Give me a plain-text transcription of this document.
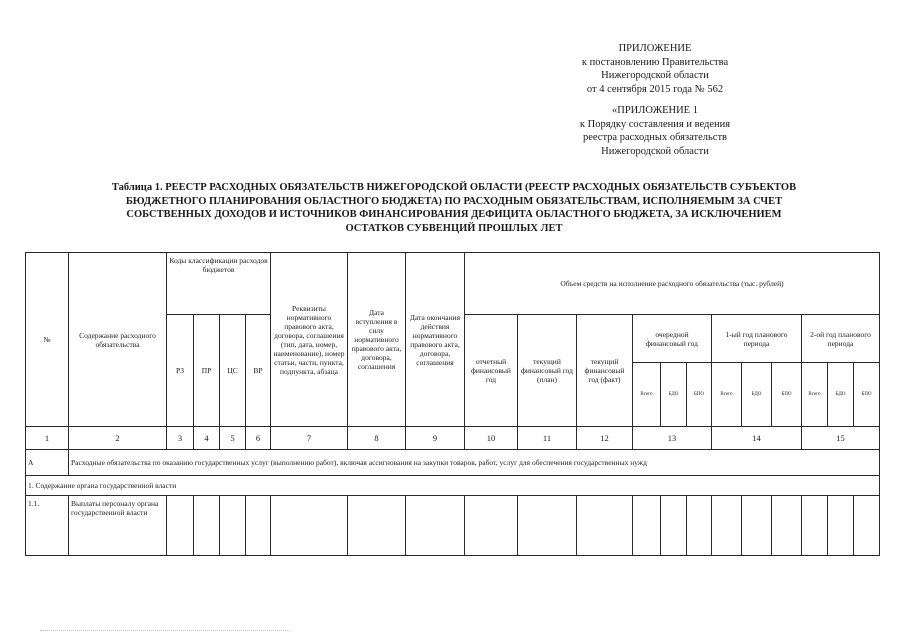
ПРИЛОЖЕНИЕ
к постановлению Правительства
Нижегородской области
от 4 сентября 2015 года № 562
«ПРИЛОЖЕНИЕ 1
к Порядку составления и ведения
реестра расходных обязательств
Нижегородской области
Таблица 1. РЕЕСТР РАСХОДНЫХ ОБЯЗАТЕЛЬСТВ НИЖЕГОРОДСКОЙ ОБЛАСТИ (РЕЕСТР РАСХОДНЫХ ОБЯЗАТЕЛЬСТВ СУБЪЕКТОВ
БЮДЖЕТНОГО ПЛАНИРОВАНИЯ ОБЛАСТНОГО БЮДЖЕТА) ПО РАСХОДНЫМ ОБЯЗАТЕЛЬСТВАМ, ИСПОЛНЯЕМЫМ ЗА СЧЕТ
СОБСТВЕННЫХ ДОХОДОВ И ИСТОЧНИКОВ ФИНАНСИРОВАНИЯ ДЕФИЦИТА ОБЛАСТНОГО БЮДЖЕТА, ЗА ИСКЛЮЧЕНИЕМ
ОСТАТКОВ СУБВЕНЦИЙ ПРОШЛЫХ ЛЕТ
№	Содержание расходного обязательства	Коды классификации расходов бюджетов				Реквизиты нормативного правового акта, договора, соглашения (тип, дата, номер, наименование), номер статьи, части, пункта, подпункта, абзаца	Дата вступления в силу нормативного правового акта, договора, соглашения	Дата окончания действия нормативного правового акта, договора, соглашения	Объем средств на исполнение расходного обязательства (тыс. рублей)											
		РЗ	ПР	ЦС	ВР				отчетный финансовый год	текущий финансовый год (план)	текущий финансовый год (факт)	очередной финансовый год			1-ый год планового периода			2-ой год планового периода		
												Всего	БДО	БПО	Всего	БДО	БПО	Всего	БДО	БПО
1	2	3	4	5	6	7	8	9	10	11	12	13			14			15		
А	Расходные обязательства по оказанию государственных услуг (выполнению работ), включая ассигнования на закупки товаров, работ, услуг для обеспечения государственных нужд																			
1. Содержание органа государственной власти																				
1.1.	Выплаты персоналу органа государственной власти																			
